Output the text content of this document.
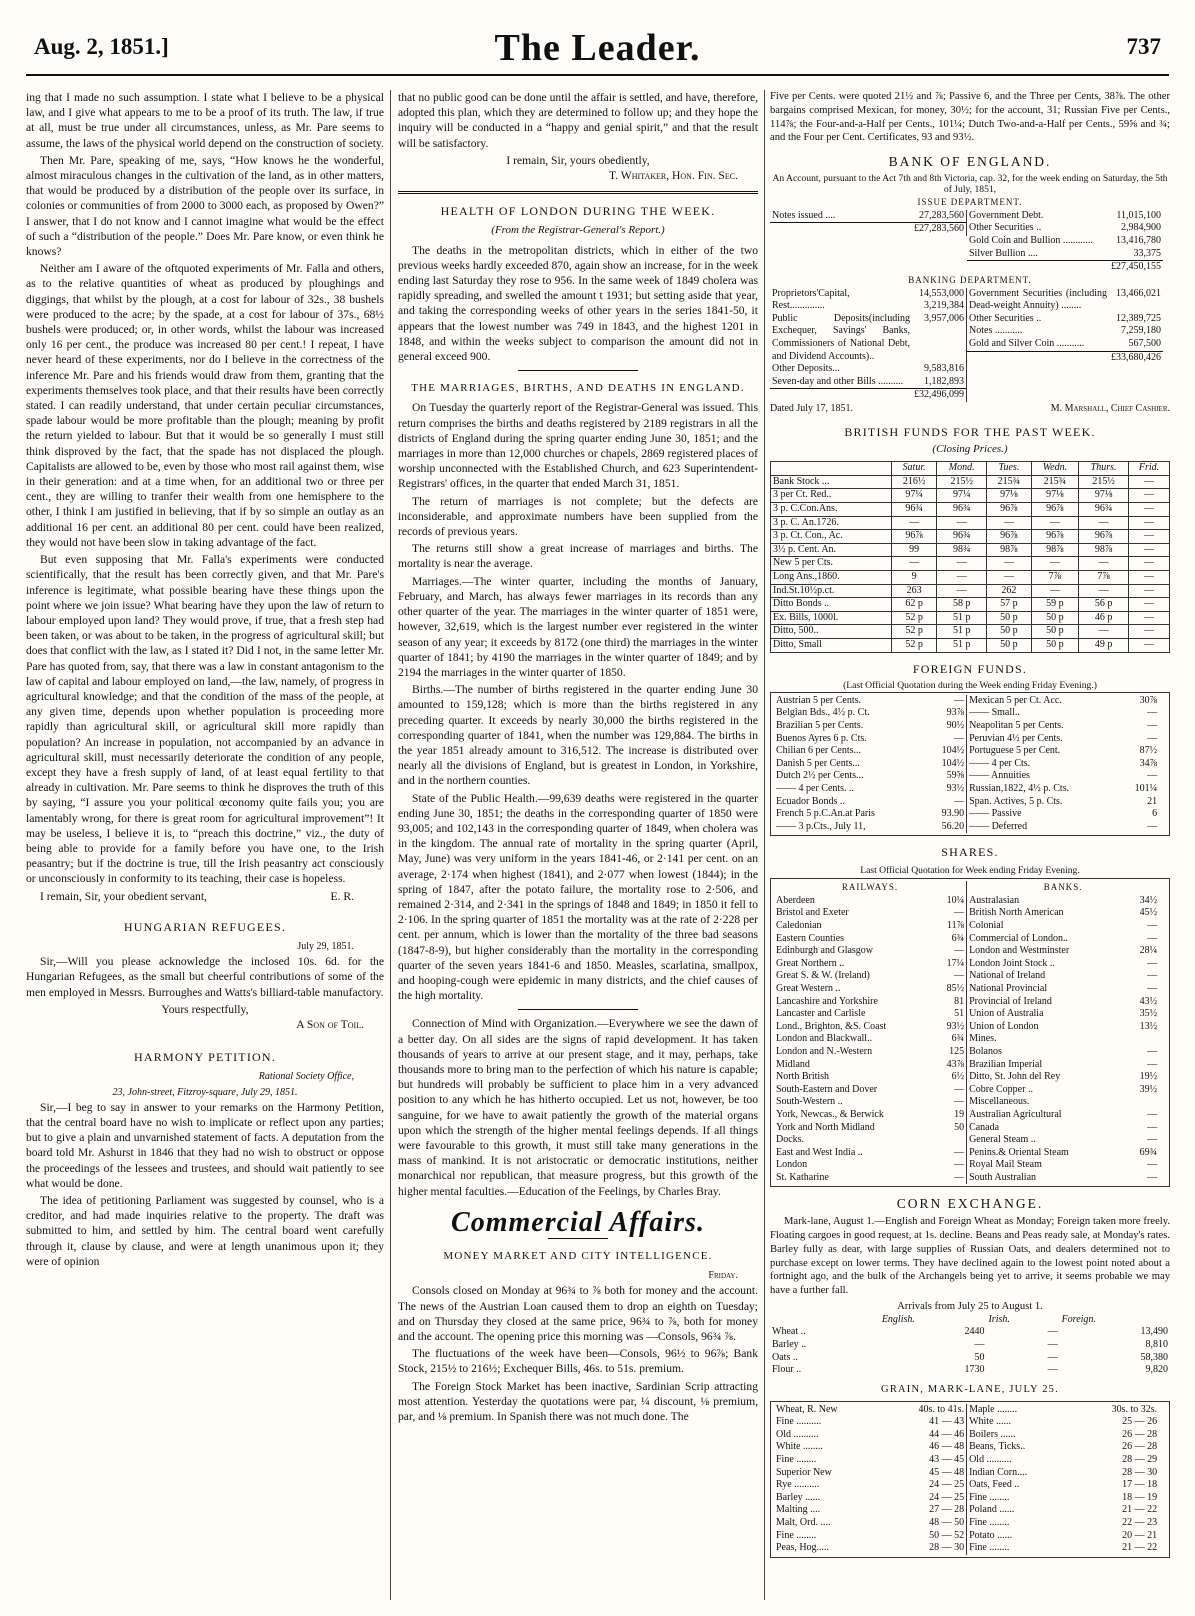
Aug. 2, 1851.]	The Leader.	737

ing that I made no such assumption. I state what I believe to be a physical law, and I give what appears to me to be a proof of its truth. The law, if true at all, must be true under all circumstances, unless, as Mr. Pare seems to assume, the laws of the physical world depend on the construction of society.

Then Mr. Pare, speaking of me, says, “How knows he the wonderful, almost miraculous changes in the cultivation of the land, as in other matters, that would be produced by a distribution of the people over its surface, in colonies or communities of from 2000 to 3000 each, as proposed by Owen?” I answer, that I do not know and I cannot imagine what would be the effect of such a “distribution of the people.” Does Mr. Pare know, or even think he knows?

Neither am I aware of the oftquoted experiments of Mr. Falla and others, as to the relative quantities of wheat as produced by ploughings and diggings, that whilst by the plough, at a cost for labour of 32s., 38 bushels were produced to the acre; by the spade, at a cost for labour of 37s., 68½ bushels were produced; or, in other words, whilst the labour was increased only 16 per cent., the produce was increased 80 per cent.! I repeat, I have never heard of these experiments, nor do I believe in the correctness of the inference Mr. Pare and his friends would draw from them, granting that the experiments themselves took place, and that their results have been correctly stated. I can readily understand, that under certain peculiar circumstances, spade labour would be more profitable than the plough; meaning by profit the return yielded to labour. But that it would be so generally I must still think disproved by the fact, that the spade has not displaced the plough. Capitalists are allowed to be, even by those who most rail against them, wise in their generation: and at a time when, for an additional two or three per cent., they are willing to tranfer their wealth from one hemisphere to the other, I think I am justified in believing, that if by so simple an outlay as an additional 16 per cent. an additional 80 per cent. could have been realized, they would not have been slow in taking advantage of the fact.

But even supposing that Mr. Falla's experiments were conducted scientifically, that the result has been correctly given, and that Mr. Pare's inference is legitimate, what possible bearing have these things upon the point where we join issue? What bearing have they upon the law of return to labour employed upon land? They would prove, if true, that a fresh step had been taken, or was about to be taken, in the progress of agricultural skill; but does that conflict with the law, as I stated it? Did I not, in the same letter Mr. Pare has quoted from, say, that there was a law in constant antagonism to the law of capital and labour employed on land,—the law, namely, of progress in agricultural knowledge; and that the condition of the mass of the people, at any given time, depends upon whether population is proceeding more rapidly than agricultural skill, or agricultural skill more rapidly than population? An increase in population, not accompanied by an advance in agricultural skill, must necessarily deteriorate the condition of any people, except they have a fresh supply of land, of at least equal fertility to that already in cultivation. Mr. Pare seems to think he disproves the truth of this by saying, “I assure you your political œconomy quite fails you; you are lamentably wrong, for there is great room for agricultural improvement”! It may be useless, I believe it is, to “preach this doctrine,” viz., the duty of being able to provide for a family before you have one, to the Irish peasantry; but if the doctrine is true, till the Irish peasantry act consciously or unconsciously in conformity to its teaching, their case is hopeless.

I remain, Sir, your obedient servant,	E. R.

HUNGARIAN REFUGEES.
July 29, 1851.

Sir,—Will you please acknowledge the inclosed 10s. 6d. for the Hungarian Refugees, as the small but cheerful contributions of some of the men employed in Messrs. Burroughes and Watts's billiard-table manufactory.

Yours respectfully,
A Son of Toil.
HARMONY PETITION.
Rational Society Office,
23, John-street, Fitzroy-square, July 29, 1851.

Sir,—I beg to say in answer to your remarks on the Harmony Petition, that the central board have no wish to implicate or reflect upon any parties; but to give a plain and unvarnished statement of facts. A deputation from the board told Mr. Ashurst in 1846 that they had no wish to obstruct or oppose the proceedings of the lessees and trustees, and should wait patiently to see what would be done.

The idea of petitioning Parliament was suggested by counsel, who is a creditor, and had made inquiries relative to the property. The draft was submitted to him, and settled by him. The central board went carefully through it, clause by clause, and were at length unanimous upon it; they were of opinion

that no public good can be done until the affair is settled, and have, therefore, adopted this plan, which they are determined to follow up; and they hope the inquiry will be conducted in a “happy and genial spirit,” and that the result will be satisfactory.

I remain, Sir, yours obediently,
T. Whitaker, Hon. Fin. Sec.
HEALTH OF LONDON DURING THE WEEK.
(From the Registrar-General's Report.)

The deaths in the metropolitan districts, which in either of the two previous weeks hardly exceeded 870, again show an increase, for in the week ending last Saturday they rose to 956. In the same week of 1849 cholera was rapidly spreading, and swelled the amount t 1931; but setting aside that year, and taking the corresponding weeks of other years in the series 1841-50, it appears that the lowest number was 749 in 1843, and the highest 1201 in 1848, and within the weeks subject to comparison the amount did not in general exceed 900.

THE MARRIAGES, BIRTHS, AND DEATHS IN ENGLAND.

On Tuesday the quarterly report of the Registrar-General was issued. This return comprises the births and deaths registered by 2189 registrars in all the districts of England during the spring quarter ending June 30, 1851; and the marriages in more than 12,000 churches or chapels, 2869 registered places of worship unconnected with the Established Church, and 623 Superintendent-Registrars' offices, in the quarter that ended March 31, 1851.

The return of marriages is not complete; but the defects are inconsiderable, and approximate numbers have been supplied from the records of previous years.

The returns still show a great increase of marriages and births. The mortality is near the average.

Marriages.—The winter quarter, including the months of January, February, and March, has always fewer marriages in its records than any other quarter of the year. The marriages in the winter quarter of 1851 were, however, 32,619, which is the largest number ever registered in the winter season of any year; it exceeds by 8172 (one third) the marriages in the winter quarter of 1841; by 4190 the marriages in the winter quarter of 1849; and by 2194 the marriages in the winter quarter of 1850.

Births.—The number of births registered in the quarter ending June 30 amounted to 159,128; which is more than the births registered in any preceding quarter. It exceeds by nearly 30,000 the births registered in the corresponding quarter of 1841, when the number was 129,884. The births in the year 1851 already amount to 316,512. The increase is distributed over nearly all the divisions of England, but is greatest in London, in Yorkshire, and in the northern counties.

State of the Public Health.—99,639 deaths were registered in the quarter ending June 30, 1851; the deaths in the corresponding quarter of 1850 were 93,005; and 102,143 in the corresponding quarter of 1849, when cholera was in the kingdom. The annual rate of mortality in the spring quarter (April, May, June) was very uniform in the years 1841-46, or 2·141 per cent. on an average, 2·174 when highest (1841), and 2·077 when lowest (1844); in the spring of 1847, after the potato failure, the mortality rose to 2·506, and remained 2·314, and 2·341 in the springs of 1848 and 1849; in 1850 it fell to 2·106. In the spring quarter of 1851 the mortality was at the rate of 2·228 per cent. per annum, which is lower than the mortality of the three bad seasons (1847-8-9), but higher considerably than the mortality in the corresponding quarter of the seven years 1841-6 and 1850. Measles, scarlatina, smallpox, and hooping-cough were epidemic in many districts, and the chief causes of the high mortality.

Connection of Mind with Organization.—Everywhere we see the dawn of a better day. On all sides are the signs of rapid development. It has taken thousands of years to arrive at our present stage, and it may, perhaps, take thousands more to bring man to the perfection of which his nature is capable; but hundreds will probably be sufficient to place him in a very advanced position to any which he has hitherto occupied. Let us not, however, be too sanguine, for we have to await patiently the growth of the material organs upon which the strength of the higher mental feelings depends. If all things were favourable to this growth, it must still take many generations in the mass of mankind. It is not aristocratic or democratic institutions, neither monarchical nor republican, that measure progress, but this growth of the higher mental faculties.—Education of the Feelings, by Charles Bray.

Commercial Affairs.
MONEY MARKET AND CITY INTELLIGENCE.
Friday.

Consols closed on Monday at 96¾ to ⅞ both for money and the account. The news of the Austrian Loan caused them to drop an eighth on Tuesday; and on Thursday they closed at the same price, 96¾ to ⅞, both for money and the account. The opening price this morning was —Consols, 96¾ ⅞.

The fluctuations of the week have been—Consols, 96½ to 96⅞; Bank Stock, 215½ to 216½; Exchequer Bills, 46s. to 51s. premium.

The Foreign Stock Market has been inactive, Sardinian Scrip attracting most attention. Yesterday the quotations were par, ¼ discount, ⅛ premium, par, and ⅛ premium. In Spanish there was not much done. The

Five per Cents. were quoted 21½ and ⅞; Passive 6, and the Three per Cents, 38⅞. The other bargains comprised Mexican, for money, 30½; for the account, 31; Russian Five per Cents., 114⅞; the Four-and-a-Half per Cents., 101¼; Dutch Two-and-a-Half per Cents., 59⅝ and ¾; and the Four per Cent. Certificates, 93 and 93½.

BANK OF ENGLAND.
An Account, pursuant to the Act 7th and 8th Victoria, cap. 32, for the week ending on Saturday, the 5th of July, 1851,
ISSUE DEPARTMENT.
Notes issued ....	27,283,560
	£27,283,560
Government Debt.	11,015,100
Other Securities ..	2,984,900
Gold Coin and Bullion ............	13,416,780
Silver Bullion ....	33,375
	£27,450,155
BANKING DEPARTMENT.
Proprietors'Capital,	14,553,000
Rest..............	3,219,384
Public Deposits(including Exchequer, Savings' Banks, Commissioners of National Debt, and Dividend Accounts)..	3,957,006
Other Deposits...	9,583,816
Seven-day and other Bills ..........	1,182,893
	£32,496,099
Government Securities (including Dead-weight Annuity) ........	13,466,021
Other Securities ..	12,389,725
Notes ...........	7,259,180
Gold and Silver Coin ...........	567,500
	£33,680,426
Dated July 17, 1851.	M. Marshall, Chief Cashier.
BRITISH FUNDS FOR THE PAST WEEK.
(Closing Prices.)
	Satur.	Mond.	Tues.	Wedn.	Thurs.	Frid.
Bank Stock ...	216½	215½	215¾	215¾	215½	—
3 per Ct. Red..	97¼	97¼	97⅛	97⅛	97⅛	—
3 p. C.Con.Ans.	96¾	96¾	96⅞	96⅞	96¾	—
3 p. C. An.1726.	—	—	—	—	—	—
3 p. Ct. Con., Ac.	96⅞	96¾	96⅞	96⅞	96⅞	—
3½ p. Cent. An.	99	98¾	98⅞	98⅞	98⅞	—
New 5 per Cts.	—	—	—	—	—	—
Long Ans.,1860.	9	—	—	7⅞	7⅞	—
Ind.St.10½p.ct.	263	—	262	—	—	—
Ditto Bonds ..	62 p	58 p	57 p	59 p	56 p	—
Ex. Bills, 1000l.	52 p	51 p	50 p	50 p	46 p	—
Ditto, 500..	52 p	51 p	50 p	50 p	—	—
Ditto, Small	52 p	51 p	50 p	50 p	49 p	—
FOREIGN FUNDS.
(Last Official Quotation during the Week ending Friday Evening.)
Austrian 5 per Cents.	—
Belgian Bds., 4½ p. Ct.	93⅞
Brazilian 5 per Cents.	90½
Buenos Ayres 6 p. Cts.	—
Chilian 6 per Cents...	104½
Danish 5 per Cents...	104½
Dutch 2½ per Cents...	59⅝
—— 4 per Cents. ..	93½
Ecuador Bonds ..	—
French 5 p.C.An.at Paris	93.90
—— 3 p.Cts., July 11,	56.20
Mexican 5 per Ct. Acc.	30⅞
—— Small..	—
Neapolitan 5 per Cents.	—
Peruvian 4½ per Cents.	—
Portuguese 5 per Cent.	87½
—— 4 per Cts.	34⅞
—— Annuities	—
Russian,1822, 4½ p. Cts.	101¼
Span. Actives, 5 p. Cts.	21
—— Passive	6
—— Deferred	—
SHARES.
Last Official Quotation for Week ending Friday Evening.
RAILWAYS.
Aberdeen	10¼
Bristol and Exeter	—
Caledonian	11⅞
Eastern Counties	6¾
Edinburgh and Glasgow	—
Great Northern ..	17¼
Great S. & W. (Ireland)	—
Great Western ..	85½
Lancashire and Yorkshire	81
Lancaster and Carlisle	51
Lond., Brighton, &S. Coast	93½
London and Blackwall..	6¾
London and N.-Western	125
Midland	43⅞
North British	6½
South-Eastern and Dover	—
South-Western ..	—
York, Newcas., & Berwick	19
York and North Midland	50
Docks.	
East and West India ..	—
London	—
St. Katharine	—
BANKS.
Australasian	34½
British North American	45½
Colonial	—
Commercial of London..	—
London and Westminster	28¼
London Joint Stock ..	—
National of Ireland	—
National Provincial	—
Provincial of Ireland	43½
Union of Australia	35½
Union of London	13½
Mines.	
Bolanos	—
Brazilian Imperial	—
Ditto, St. John del Rey	19½
Cobre Copper ..	39½
Miscellaneous.	
Australian Agricultural	—
Canada	—
General Steam ..	—
Penins.& Oriental Steam	69¾
Royal Mail Steam	—
South Australian	—
CORN EXCHANGE.

Mark-lane, August 1.—English and Foreign Wheat as Monday; Foreign taken more freely. Floating cargoes in good request, at 1s. decline. Beans and Peas ready sale, at Monday's rates. Barley fully as dear, with large supplies of Russian Oats, and dealers determined not to purchase except on lower terms. They have declined again to the lowest point noted about a fortnight ago, and the bulk of the Archangels being yet to arrive, it seems probable we may have a further fall.

Arrivals from July 25 to August 1.
	English.	Irish.	Foreign.
Wheat ..	2440	—	13,490
Barley ..	—	—	8,810
Oats ..	50	—	58,380
Flour ..	1730	—	9,820
GRAIN, MARK-LANE, JULY 25.
Wheat, R. New	40s. to 41s.
Fine ..........	41 — 43
Old ..........	44 — 46
White ........	46 — 48
Fine ........	43 — 45
Superior New	45 — 48
Rye ..........	24 — 25
Barley ......	24 — 25
Malting ....	27 — 28
Malt, Ord. ....	48 — 50
Fine ........	50 — 52
Peas, Hog.....	28 — 30
Maple ........	30s. to 32s.
White ......	25 — 26
Boilers ......	26 — 28
Beans, Ticks..	26 — 28
Old ..........	28 — 29
Indian Corn....	28 — 30
Oats, Feed ..	17 — 18
Fine ........	18 — 19
Poland ......	21 — 22
Fine ........	22 — 23
Potato ......	20 — 21
Fine ........	21 — 22
